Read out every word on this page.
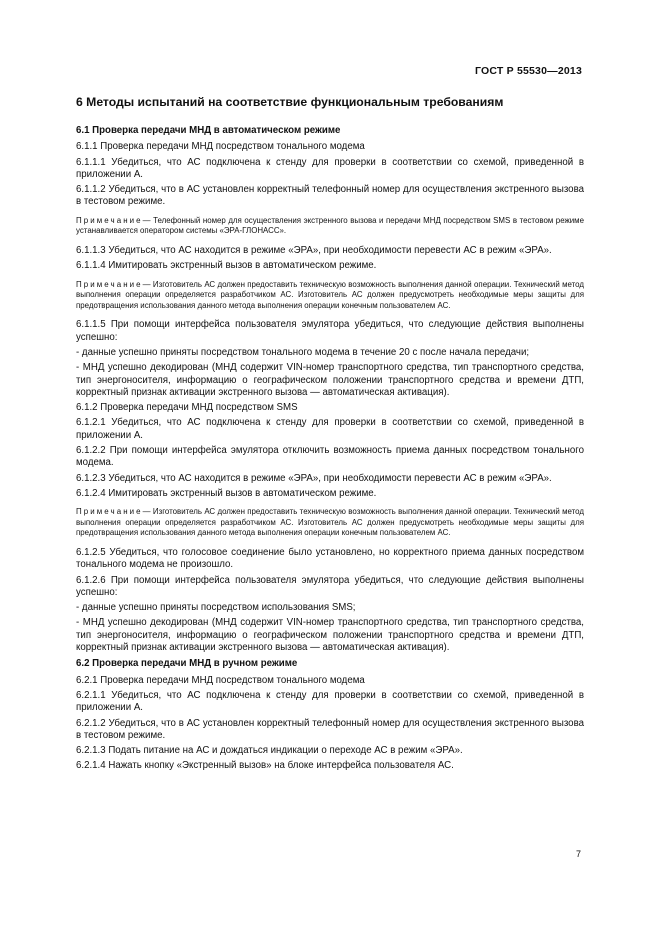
ГОСТ Р 55530—2013
6 Методы испытаний на соответствие функциональным требованиям
6.1 Проверка передачи МНД в автоматическом режиме
6.1.1 Проверка передачи МНД посредством тонального модема
6.1.1.1 Убедиться, что АС подключена к стенду для проверки в соответствии со схемой, приведенной в приложении А.
6.1.1.2 Убедиться, что в АС установлен корректный телефонный номер для осуществления экстренного вызова в тестовом режиме.
Примечание— Телефонный номер для осуществления экстренного вызова и передачи МНД посредством SMS в тестовом режиме устанавливается оператором системы «ЭРА-ГЛОНАСС».
6.1.1.3 Убедиться, что АС находится в режиме «ЭРА», при необходимости перевести АС в режим «ЭРА».
6.1.1.4 Имитировать экстренный вызов в автоматическом режиме.
Примечание— Изготовитель АС должен предоставить техническую возможность выполнения данной операции. Технический метод выполнения операции определяется разработчиком АС. Изготовитель АС должен предусмотреть необходимые меры защиты для предотвращения использования данного метода выполнения операции конечным пользователем АС.
6.1.1.5 При помощи интерфейса пользователя эмулятора убедиться, что следующие действия выполнены успешно:
- данные успешно приняты посредством тонального модема в течение 20 с после начала передачи;
- МНД успешно декодирован (МНД содержит VIN-номер транспортного средства, тип транспортного средства, тип энергоносителя, информацию о географическом положении транспортного средства и времени ДТП, корректный признак активации экстренного вызова — автоматическая активация).
6.1.2 Проверка передачи МНД посредством SMS
6.1.2.1 Убедиться, что АС подключена к стенду для проверки в соответствии со схемой, приведенной в приложении А.
6.1.2.2 При помощи интерфейса эмулятора отключить возможность приема данных посредством тонального модема.
6.1.2.3 Убедиться, что АС находится в режиме «ЭРА», при необходимости перевести АС в режим «ЭРА».
6.1.2.4 Имитировать экстренный вызов в автоматическом режиме.
Примечание— Изготовитель АС должен предоставить техническую возможность выполнения данной операции. Технический метод выполнения операции определяется разработчиком АС. Изготовитель АС должен предусмотреть необходимые меры защиты для предотвращения использования данного метода выполнения операции конечным пользователем АС.
6.1.2.5 Убедиться, что голосовое соединение было установлено, но корректного приема данных посредством тонального модема не произошло.
6.1.2.6 При помощи интерфейса пользователя эмулятора убедиться, что следующие действия выполнены успешно:
- данные успешно приняты посредством использования SMS;
- МНД успешно декодирован (МНД содержит VIN-номер транспортного средства, тип транспортного средства, тип энергоносителя, информацию о географическом положении транспортного средства и времени ДТП, корректный признак активации экстренного вызова — автоматическая активация).
6.2 Проверка передачи МНД в ручном режиме
6.2.1 Проверка передачи МНД посредством тонального модема
6.2.1.1 Убедиться, что АС подключена к стенду для проверки в соответствии со схемой, приведенной в приложении А.
6.2.1.2 Убедиться, что в АС установлен корректный телефонный номер для осуществления экстренного вызова в тестовом режиме.
6.2.1.3 Подать питание на АС и дождаться индикации о переходе АС в режим «ЭРА».
6.2.1.4 Нажать кнопку «Экстренный вызов» на блоке интерфейса пользователя АС.
7
